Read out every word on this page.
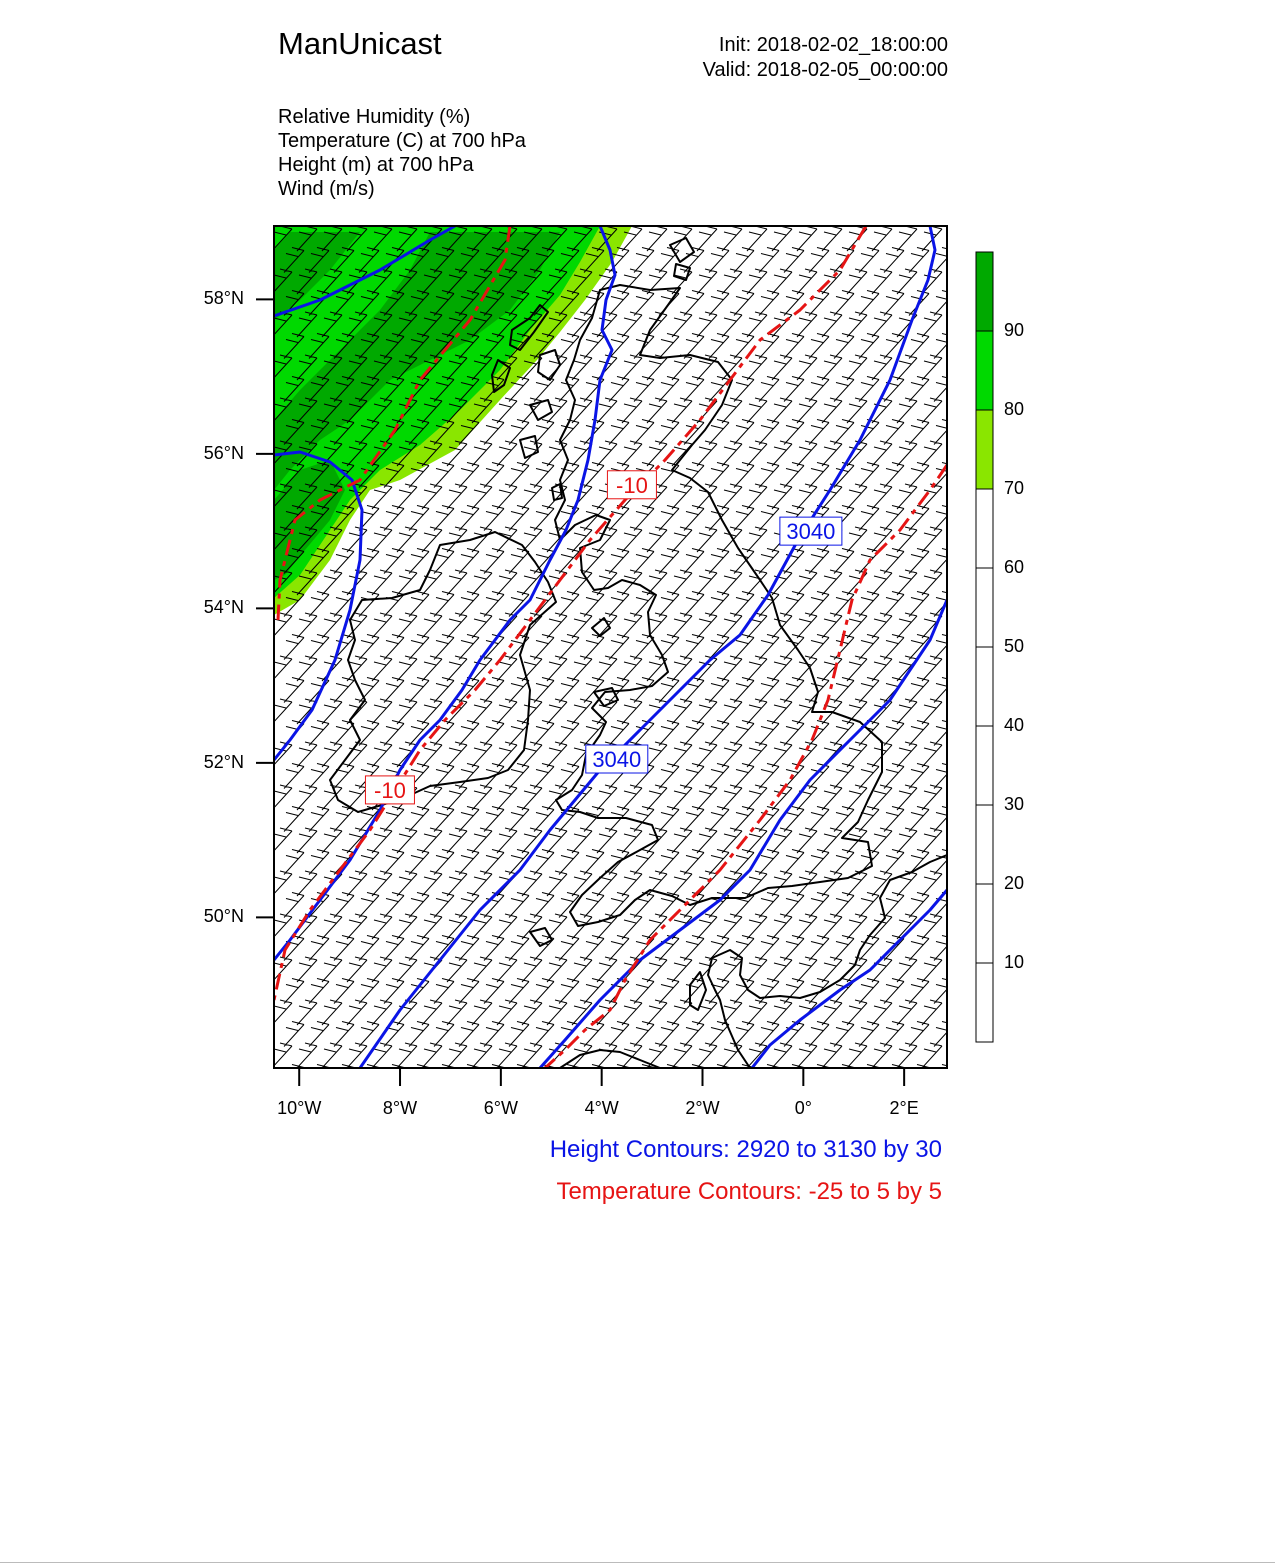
ManUnicast	Init: 2018-02-02_18:00:00
Valid: 2018-02-05_00:00:00
Relative Humidity (%)
Temperature (C) at 700 hPa
Height (m) at 700 hPa
Wind (m/s)
-10
-10
3040
3040
58°N
56°N
54°N
52°N
50°N
10°W	8°W	6°W	4°W	2°W	0°	2°E
90
80
70
60
50
40
30
20
10
Height Contours: 2920 to 3130 by 30
Temperature Contours: -25 to 5 by 5
